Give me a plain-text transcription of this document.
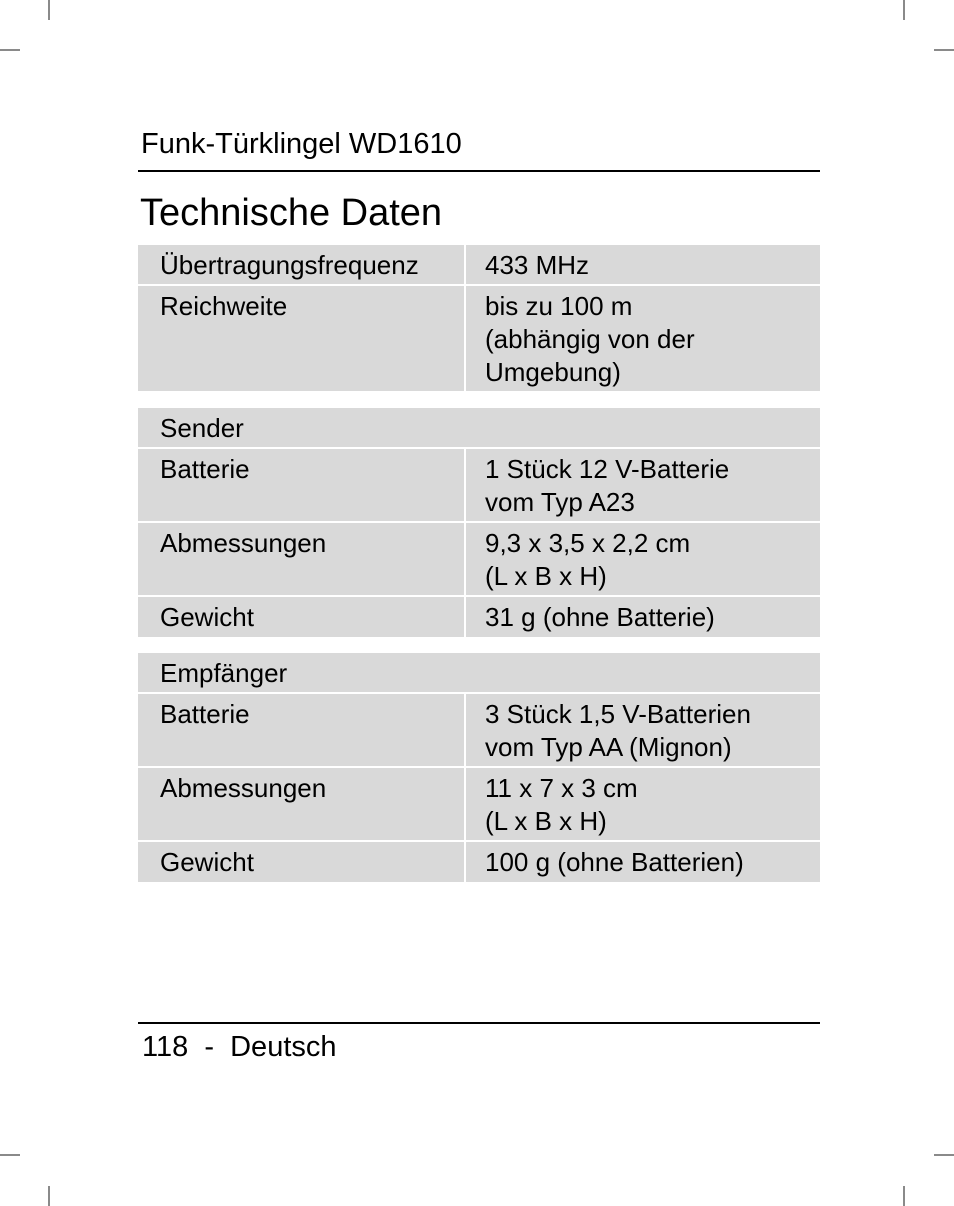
Funk-Türklingel WD1610
Technische Daten
Übertragungsfrequenz	433 MHz
Reichweite	bis zu 100 m
(abhängig von der
Umgebung)
Sender
Batterie	1 Stück 12 V-Batterie
vom Typ A23
Abmessungen	9,3 x 3,5 x 2,2 cm
(L x B x H)
Gewicht	31 g (ohne Batterie)
Empfänger
Batterie	3 Stück 1,5 V-Batterien
vom Typ AA (Mignon)
Abmessungen	11 x 7 x 3 cm
(L x B x H)
Gewicht	100 g (ohne Batterien)
118  -  Deutsch
